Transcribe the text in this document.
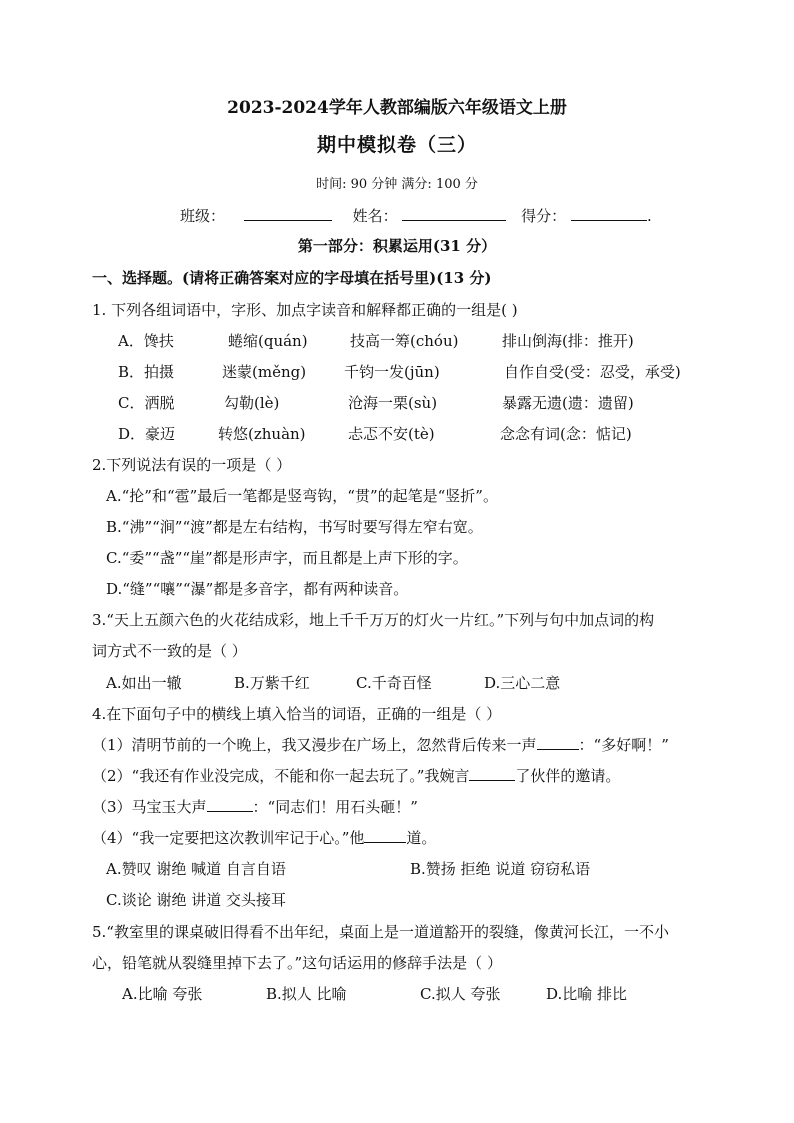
2023-2024学年人教部编版六年级语文上册
期中模拟卷（三）
时间: 90 分钟 满分: 100 分
班级：	姓名：	得分：	.
第一部分：积累运用(31 分）
一、选择题。(请将正确答案对应的字母填在括号里)(13 分)
1. 下列各组词语中，字形、加点字读音和解释都正确的一组是( )
A．馋扶	蜷缩(quán)	技高一筹(chóu)	排山倒海(排：推开)
B．拍摄	迷蒙(měng)	千钧一发(jūn)	自作自受(受：忍受，承受)
C．洒脱	勾勒(lè)	沧海一栗(sù)	暴露无遗(遗：遗留)
D．豪迈	转悠(zhuàn)	忐忑不安(tè)	念念有词(念：惦记)
2.下列说法有误的一项是（ ）
A.“抡”和“雹”最后一笔都是竖弯钩，“贯”的起笔是“竖折”。
B.“沸”“涧”“渡”都是左右结构，书写时要写得左窄右宽。
C.“委”“盏”“崖”都是形声字，而且都是上声下形的字。
D.“缝”“嚷”“瀑”都是多音字，都有两种读音。
3.“天上五颜六色的火花结成彩，地上千千万万的灯火一片红。”下列与句中加点词的构
词方式不一致的是（ ）
A.如出一辙	B.万紫千红	C.千奇百怪	D.三心二意
4.在下面句子中的横线上填入恰当的词语，正确的一组是（ ）
（1）清明节前的一个晚上，我又漫步在广场上，忽然背后传来一声	：“多好啊！”
（2）“我还有作业没完成，不能和你一起去玩了。”我婉言	了伙伴的邀请。
（3）马宝玉大声	：“同志们！用石头砸！”
（4）“我一定要把这次教训牢记于心。”他	道。
A.赞叹 谢绝 喊道 自言自语	B.赞扬 拒绝 说道 窃窃私语
C.谈论 谢绝 讲道 交头接耳
5.“教室里的课桌破旧得看不出年纪，桌面上是一道道豁开的裂缝，像黄河长江，一不小
心，铅笔就从裂缝里掉下去了。”这句话运用的修辞手法是（ ）
A.比喻 夸张	B.拟人 比喻	C.拟人 夸张	D.比喻 排比
